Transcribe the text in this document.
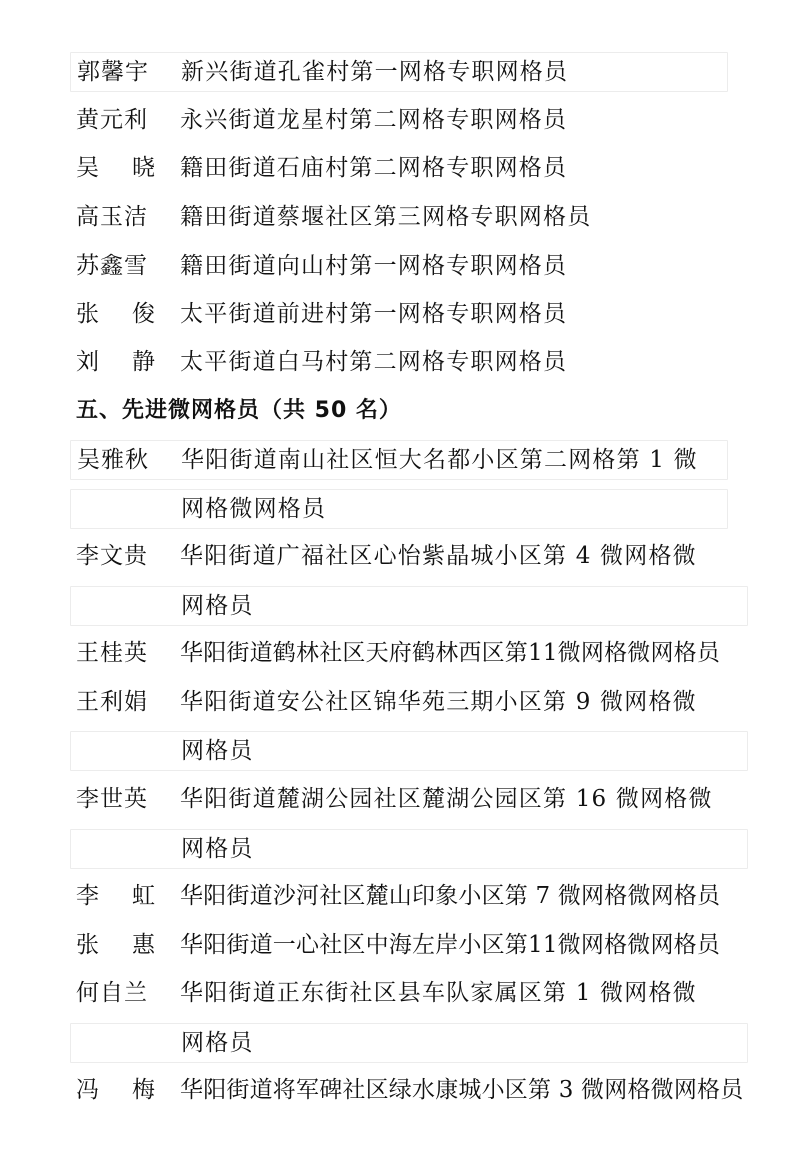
郭馨宇	新兴街道孔雀村第一网格专职网格员
黄元利	永兴街道龙星村第二网格专职网格员
吴 晓 籍田街道石庙村第二网格专职网格员
高玉洁	籍田街道蔡堰社区第三网格专职网格员
苏鑫雪	籍田街道向山村第一网格专职网格员
张 俊 太平街道前进村第一网格专职网格员
刘 静 太平街道白马村第二网格专职网格员
五、先进微网格员（共 50 名）
吴雅秋	华阳街道南山社区恒大名都小区第二网格第 1 微
网格微网格员
李文贵	华阳街道广福社区心怡紫晶城小区第 4 微网格微
网格员
王桂英	华阳街道鹤林社区天府鹤林西区第11微网格微网格员
王利娟	华阳街道安公社区锦华苑三期小区第 9 微网格微
网格员
李世英	华阳街道麓湖公园社区麓湖公园区第 16 微网格微
网格员
李 虹 华阳街道沙河社区麓山印象小区第 7 微网格微网格员
张 惠 华阳街道一心社区中海左岸小区第11微网格微网格员
何自兰	华阳街道正东街社区县车队家属区第 1 微网格微
网格员
冯 梅 华阳街道将军碑社区绿水康城小区第 3 微网格微网格员
